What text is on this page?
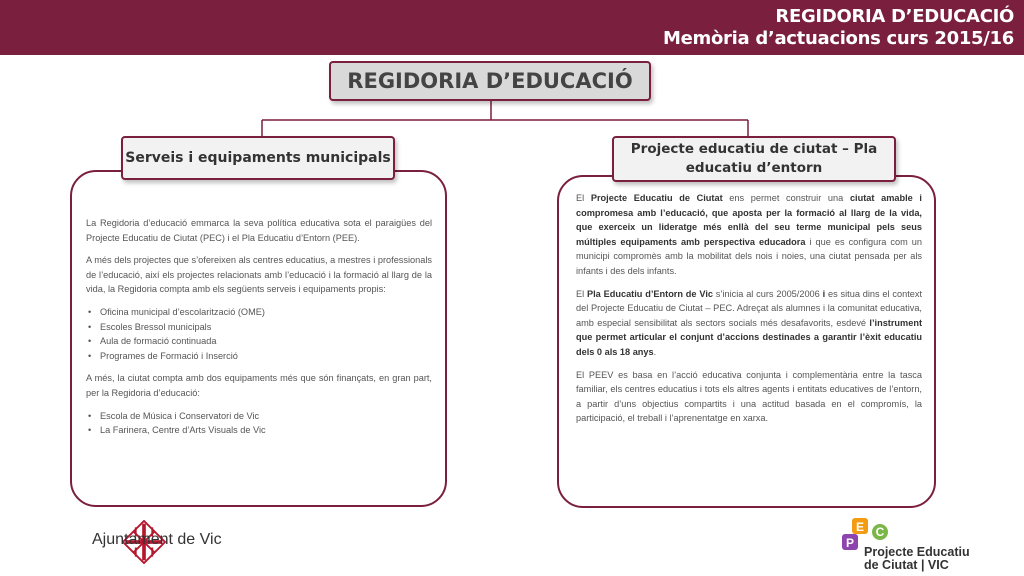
REGIDORIA D’EDUCACIÓ
Memòria d’actuacions curs 2015/16
REGIDORIA D’EDUCACIÓ
Serveis i equipaments municipals
Projecte educatiu de ciutat – Pla educatiu d’entorn

La Regidoria d’educació emmarca la seva política educativa sota el paraigües del Projecte Educatiu de Ciutat (PEC) i el Pla Educatiu d’Entorn (PEE).

A més dels projectes que s’ofereixen als centres educatius, a mestres i professionals de l’educació, així els projectes relacionats amb l’educació i la formació al llarg de la vida, la Regidoria compta amb els següents serveis i equipaments propis:

• Oficina municipal d’escolarització (OME)
• Escoles Bressol municipals
• Aula de formació continuada
• Programes de Formació i Inserció

A més, la ciutat compta amb dos equipaments més que són finançats, en gran part, per la Regidoria d’educació:

• Escola de Música i Conservatori de Vic
• La Farinera, Centre d’Arts Visuals de Vic

El Projecte Educatiu de Ciutat ens permet construir una ciutat amable i compromesa amb l’educació, que aposta per la formació al llarg de la vida, que exerceix un lideratge més enllà del seu terme municipal pels seus múltiples equipaments amb perspectiva educadora i que es configura com un municipi compromès amb la mobilitat dels nois i noies, una ciutat pensada per als infants i des dels infants.

El Pla Educatiu d’Entorn de Vic s’inicia al curs 2005/2006 i es situa dins el context del Projecte Educatiu de Ciutat – PEC. Adreçat als alumnes i la comunitat educativa, amb especial sensibilitat als sectors socials més desafavorits, esdevé l’instrument que permet articular el conjunt d’accions destinades a garantir l’èxit educatiu dels 0 als 18 anys.

El PEEV es basa en l’acció educativa conjunta i complementària entre la tasca familiar, els centres educatius i tots els altres agents i entitats educatives de l’entorn, a partir d’uns objectius compartits i una actitud basada en el compromís, la participació, el treball i l’aprenentatge en xarxa.

Ajuntament de Vic
E C
P
Projecte Educatiu
de Ciutat | VIC
